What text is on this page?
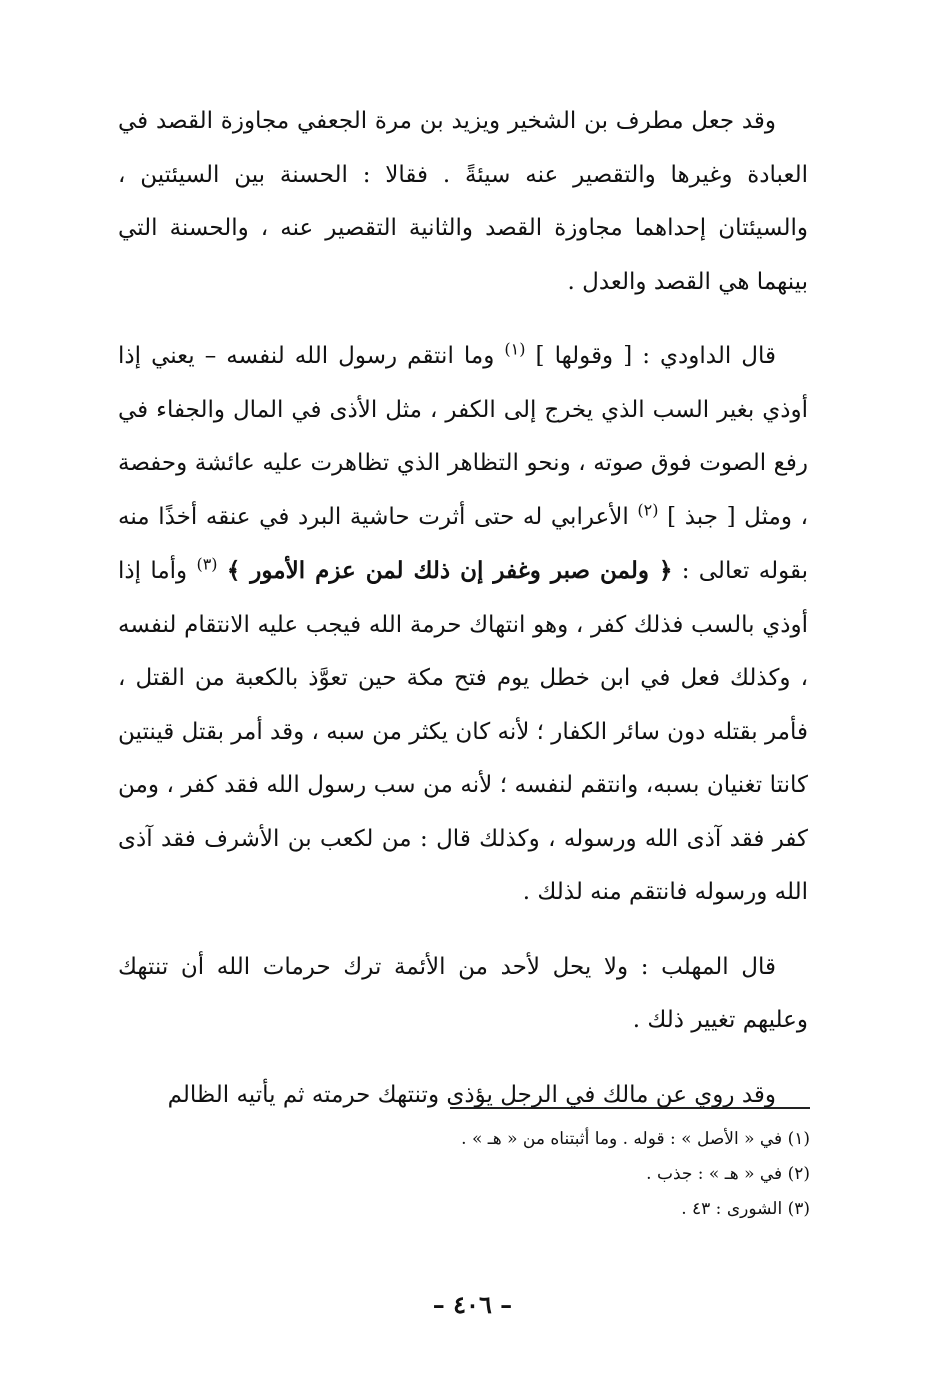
وقد جعل مطرف بن الشخير ويزيد بن مرة الجعفي مجاوزة القصد في العبادة وغيرها والتقصير عنه سيئةً . فقالا : الحسنة بين السيئتين ، والسيئتان إحداهما مجاوزة القصد والثانية التقصير عنه ، والحسنة التي بينهما هي القصد والعدل .

قال الداودي : [ وقولها ] $^{(١)}$ وما انتقم رسول الله لنفسه – يعني إذا أوذي بغير السب الذي يخرج إلى الكفر ، مثل الأذى في المال والجفاء في رفع الصوت فوق صوته ، ونحو التظاهر الذي تظاهرت عليه عائشة وحفصة ، ومثل [ جبذ ] $^{(٢)}$ الأعرابي له حتى أثرت حاشية البرد في عنقه أخذًا منه بقوله تعالى : ﴿ ولمن صبر وغفر إن ذلك لمن عزم الأمور ﴾ $^{(٣)}$ وأما إذا أوذي بالسب فذلك كفر ، وهو انتهاك حرمة الله فيجب عليه الانتقام لنفسه ، وكذلك فعل في ابن خطل يوم فتح مكة حين تعوَّذ بالكعبة من القتل ، فأمر بقتله دون سائر الكفار ؛ لأنه كان يكثر من سبه ، وقد أمر بقتل قينتين كانتا تغنيان بسبه، وانتقم لنفسه ؛ لأنه من سب رسول الله فقد كفر ، ومن كفر فقد آذى الله ورسوله ، وكذلك قال : من لكعب بن الأشرف فقد آذى الله ورسوله فانتقم منه لذلك .

قال المهلب : ولا يحل لأحد من الأئمة ترك حرمات الله أن تنتهك وعليهم تغيير ذلك .

وقد روي عن مالك في الرجل يؤذى وتنتهك حرمته ثم يأتيه الظالم

(١) في « الأصل » : قوله . وما أثبتناه من « هـ » .

(٢) في « هـ » : جذب .

(٣) الشورى : ٤٣ .

– ٤٠٦ –
